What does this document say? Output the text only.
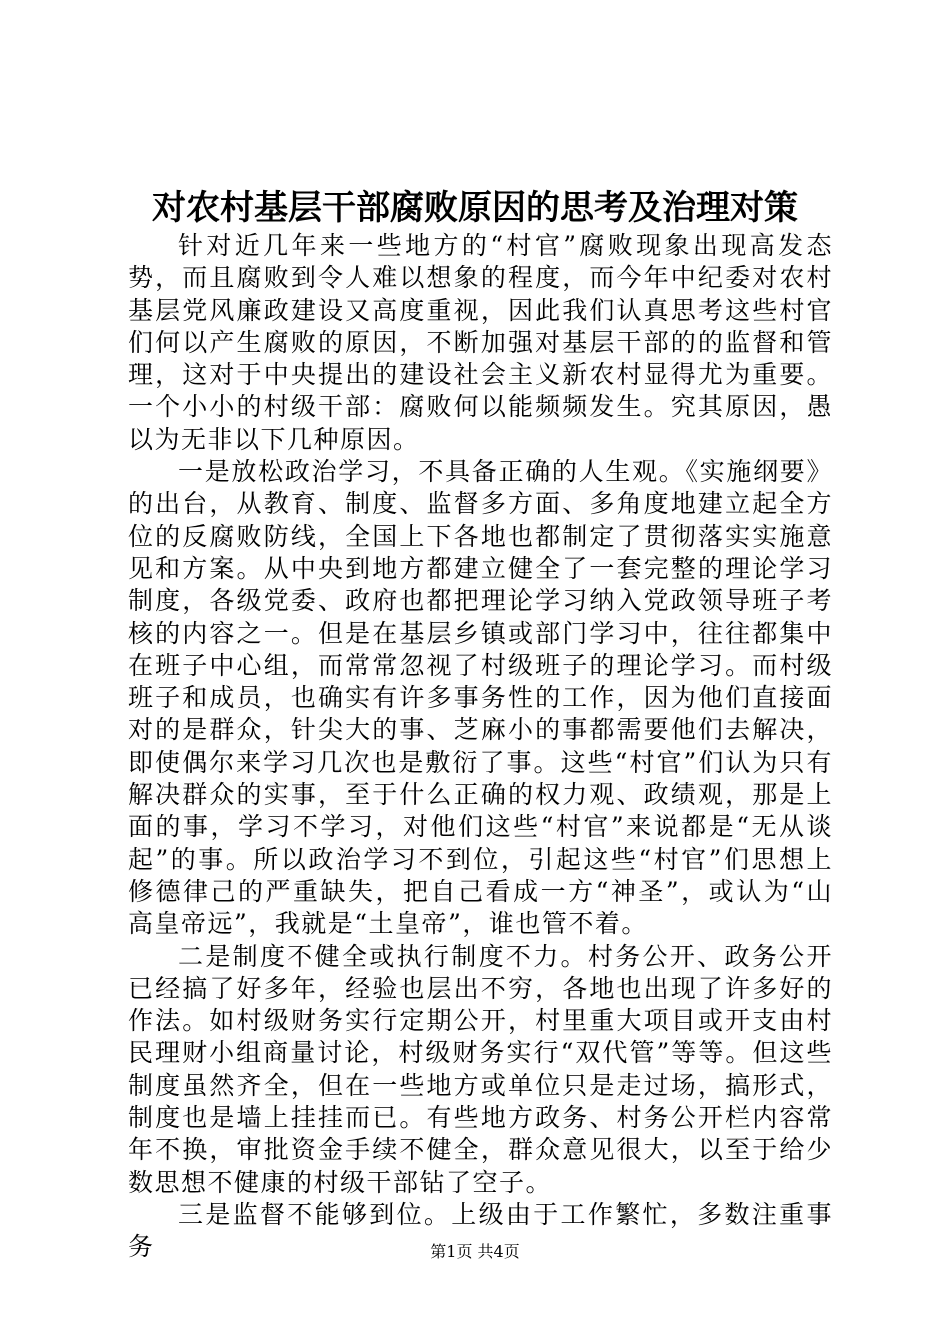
对农村基层干部腐败原因的思考及治理对策

针对近几年来一些地方的“村官”腐败现象出现高发态势，而且腐败到令人难以想象的程度，而今年中纪委对农村基层党风廉政建设又高度重视，因此我们认真思考这些村官们何以产生腐败的原因，不断加强对基层干部的的监督和管理，这对于中央提出的建设社会主义新农村显得尤为重要。一个小小的村级干部：腐败何以能频频发生。究其原因，愚以为无非以下几种原因。

一是放松政治学习，不具备正确的人生观。《实施纲要》的出台，从教育、制度、监督多方面、多角度地建立起全方位的反腐败防线，全国上下各地也都制定了贯彻落实实施意见和方案。从中央到地方都建立健全了一套完整的理论学习制度，各级党委、政府也都把理论学习纳入党政领导班子考核的内容之一。但是在基层乡镇或部门学习中，往往都集中在班子中心组，而常常忽视了村级班子的理论学习。而村级班子和成员，也确实有许多事务性的工作，因为他们直接面对的是群众，针尖大的事、芝麻小的事都需要他们去解决，即使偶尔来学习几次也是敷衍了事。这些“村官”们认为只有解决群众的实事，至于什么正确的权力观、政绩观，那是上面的事，学习不学习，对他们这些“村官”来说都是“无从谈起”的事。所以政治学习不到位，引起这些“村官”们思想上修德律己的严重缺失，把自己看成一方“神圣”，或认为“山高皇帝远”，我就是“土皇帝”，谁也管不着。

二是制度不健全或执行制度不力。村务公开、政务公开已经搞了好多年，经验也层出不穷，各地也出现了许多好的作法。如村级财务实行定期公开，村里重大项目或开支由村民理财小组商量讨论，村级财务实行“双代管”等等。但这些制度虽然齐全，但在一些地方或单位只是走过场，搞形式，制度也是墙上挂挂而已。有些地方政务、村务公开栏内容常年不换，审批资金手续不健全，群众意见很大，以至于给少数思想不健康的村级干部钻了空子。

三是监督不能够到位。上级由于工作繁忙，多数注重事务	第1页 共4页
